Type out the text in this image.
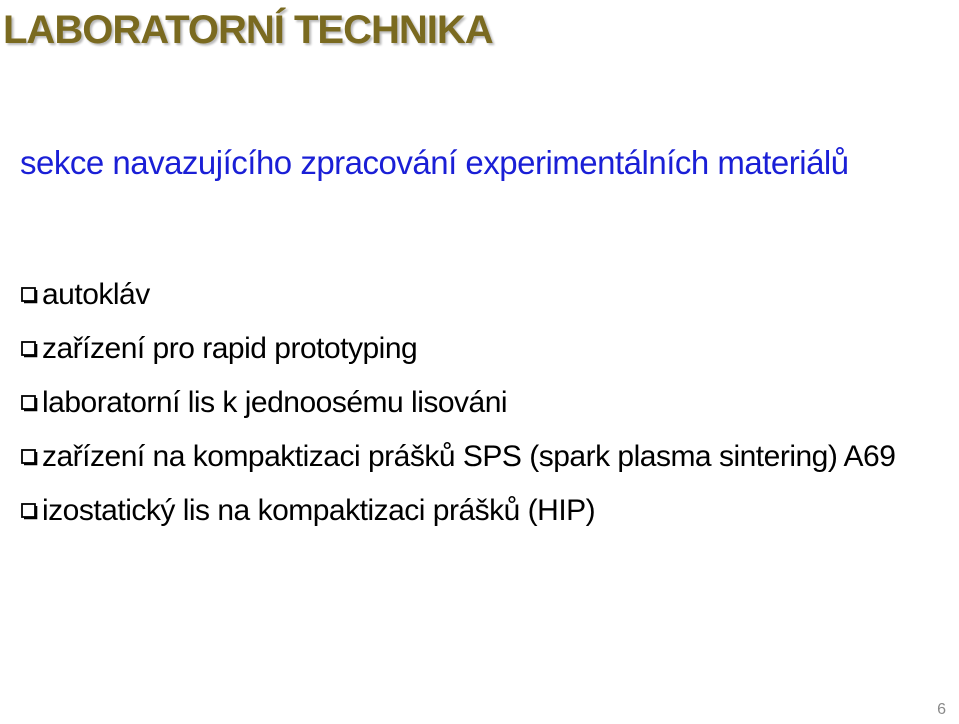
LABORATORNÍ TECHNIKA
sekce navazujícího zpracování experimentálních materiálů
autokláv
zařízení pro rapid prototyping
laboratorní lis k jednoosému lisováni
zařízení na kompaktizaci prášků SPS (spark plasma sintering) A69
izostatický lis na kompaktizaci prášků (HIP)
6
